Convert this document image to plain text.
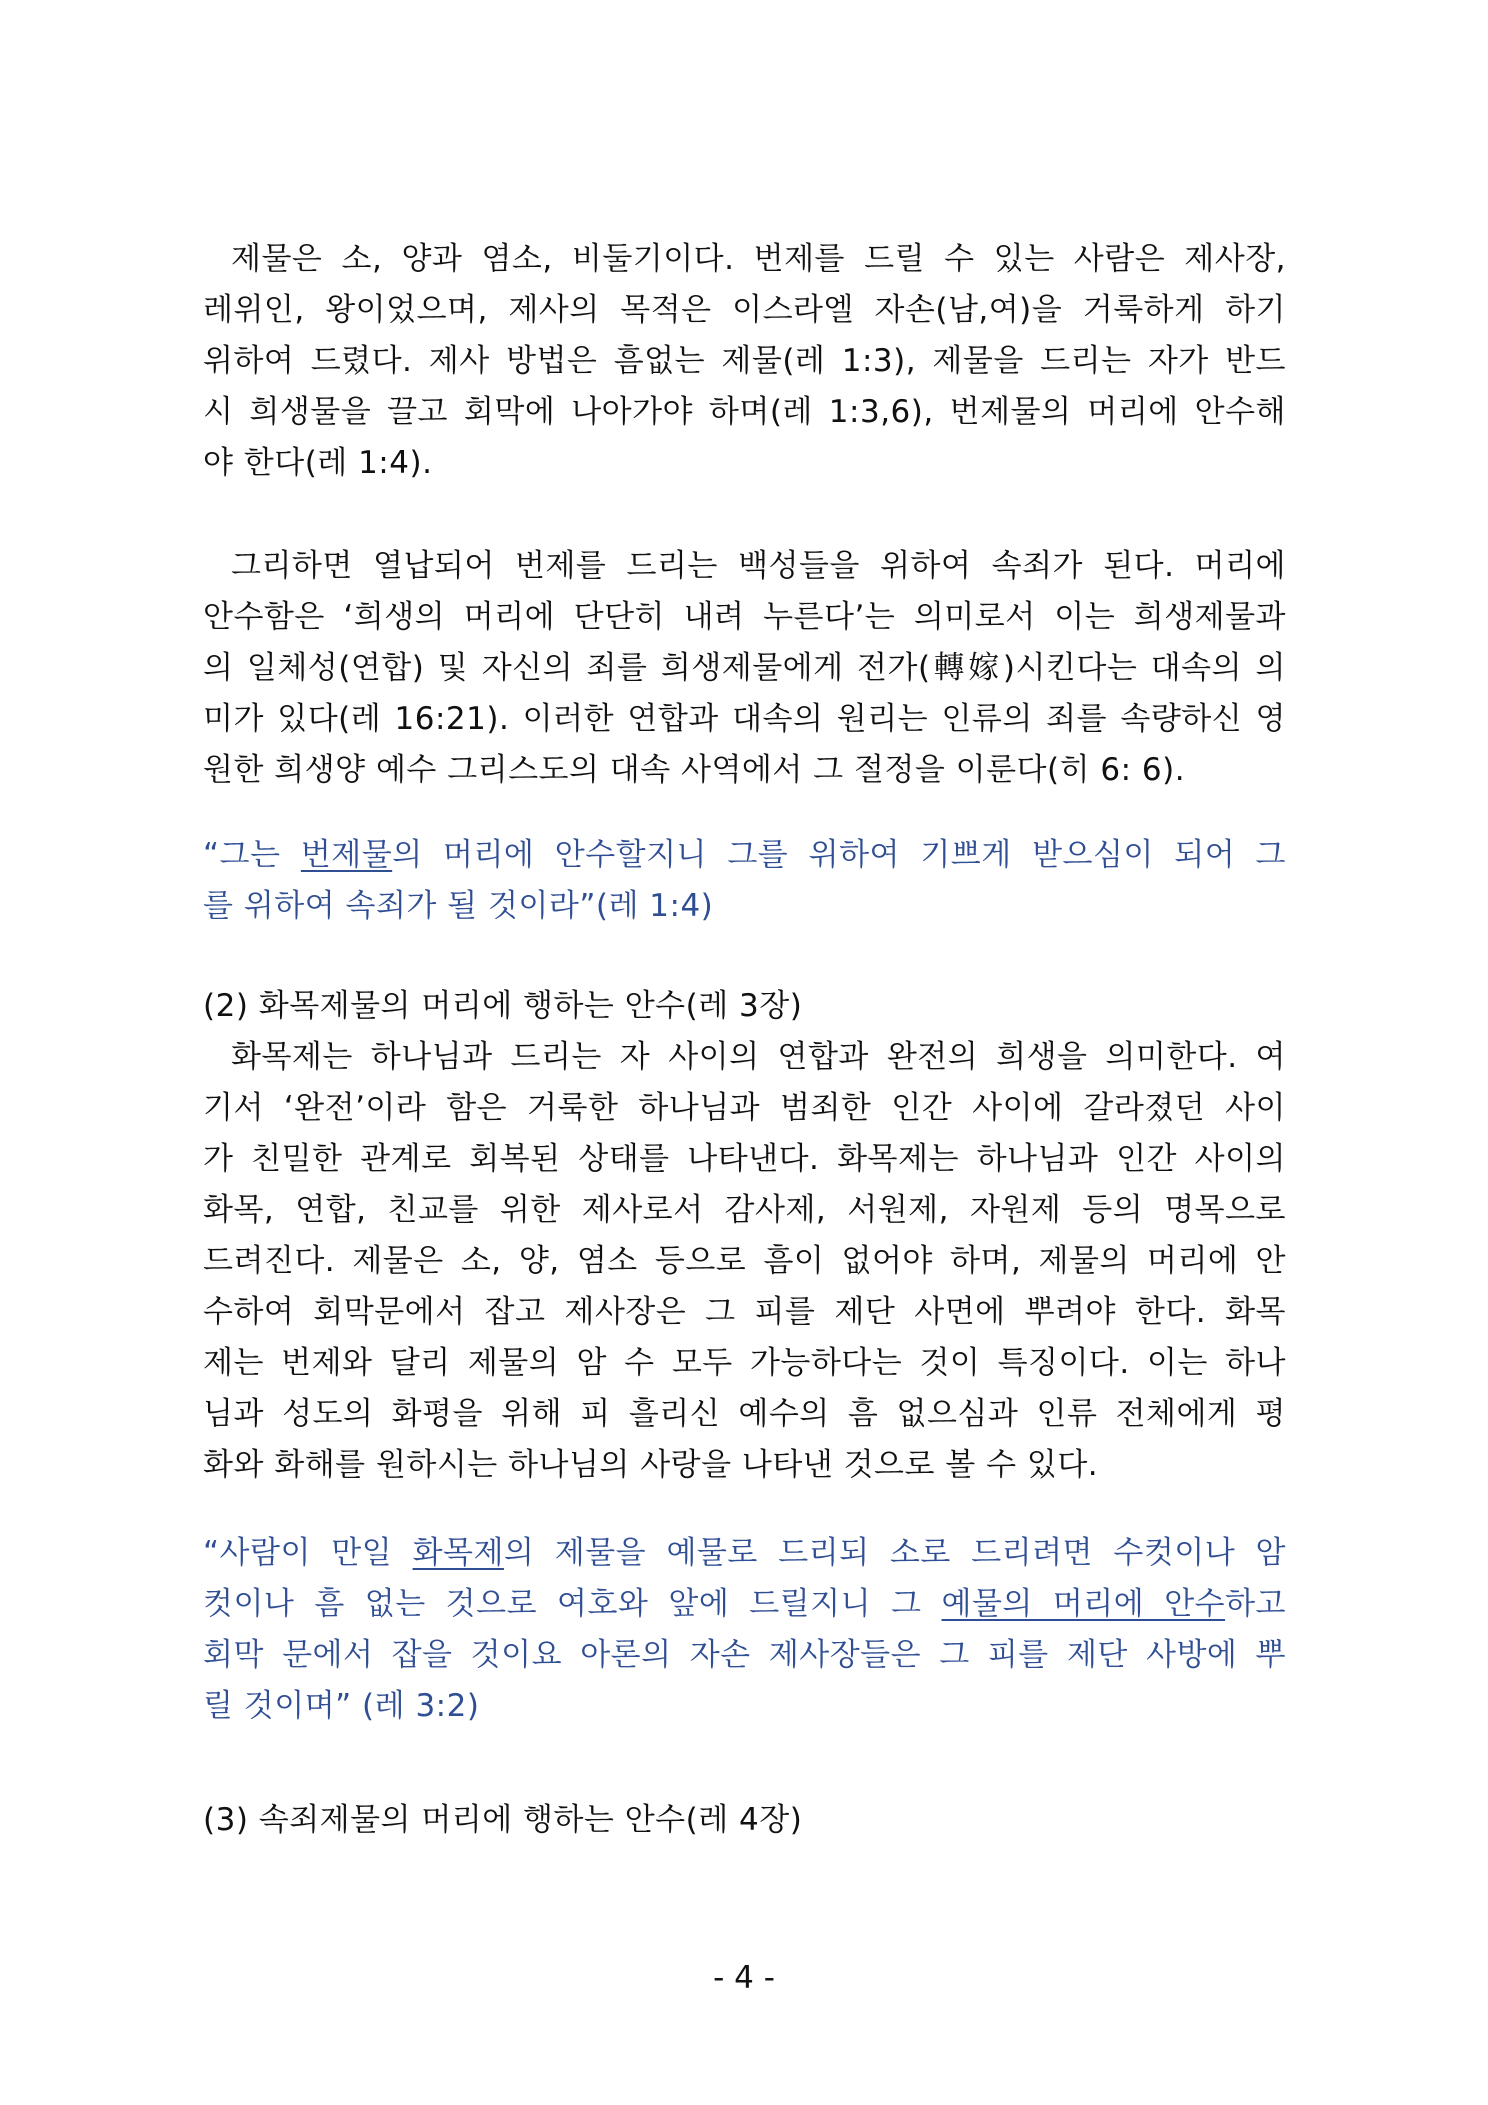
제물은 소, 양과 염소, 비둘기이다. 번제를 드릴 수 있는 사람은 제사장,
레위인, 왕이었으며, 제사의 목적은 이스라엘 자손(남,여)을 거룩하게 하기
위하여 드렸다. 제사 방법은 흠없는 제물(레 1:3), 제물을 드리는 자가 반드
시 희생물을 끌고 회막에 나아가야 하며(레 1:3,6), 번제물의 머리에 안수해
야 한다(레 1:4).
그리하면 열납되어 번제를 드리는 백성들을 위하여 속죄가 된다. 머리에
안수함은 ‘희생의 머리에 단단히 내려 누른다’는 의미로서 이는 희생제물과
의 일체성(연합) 및 자신의 죄를 희생제물에게 전가(轉嫁)시킨다는 대속의 의
미가 있다(레 16:21). 이러한 연합과 대속의 원리는 인류의 죄를 속량하신 영
원한 희생양 예수 그리스도의 대속 사역에서 그 절정을 이룬다(히 6: 6).
“그는 번제물의 머리에 안수할지니 그를 위하여 기쁘게 받으심이 되어 그
를 위하여 속죄가 될 것이라”(레 1:4)
(2) 화목제물의 머리에 행하는 안수(레 3장)
화목제는 하나님과 드리는 자 사이의 연합과 완전의 희생을 의미한다. 여
기서 ‘완전’이라 함은 거룩한 하나님과 범죄한 인간 사이에 갈라졌던 사이
가 친밀한 관계로 회복된 상태를 나타낸다. 화목제는 하나님과 인간 사이의
화목, 연합, 친교를 위한 제사로서 감사제, 서원제, 자원제 등의 명목으로
드려진다. 제물은 소, 양, 염소 등으로 흠이 없어야 하며, 제물의 머리에 안
수하여 회막문에서 잡고 제사장은 그 피를 제단 사면에 뿌려야 한다. 화목
제는 번제와 달리 제물의 암 수 모두 가능하다는 것이 특징이다. 이는 하나
님과 성도의 화평을 위해 피 흘리신 예수의 흠 없으심과 인류 전체에게 평
화와 화해를 원하시는 하나님의 사랑을 나타낸 것으로 볼 수 있다.
“사람이 만일 화목제의 제물을 예물로 드리되 소로 드리려면 수컷이나 암
컷이나 흠 없는 것으로 여호와 앞에 드릴지니 그 예물의 머리에 안수하고
회막 문에서 잡을 것이요 아론의 자손 제사장들은 그 피를 제단 사방에 뿌
릴 것이며” (레 3:2)
(3) 속죄제물의 머리에 행하는 안수(레 4장)
- 4 -
